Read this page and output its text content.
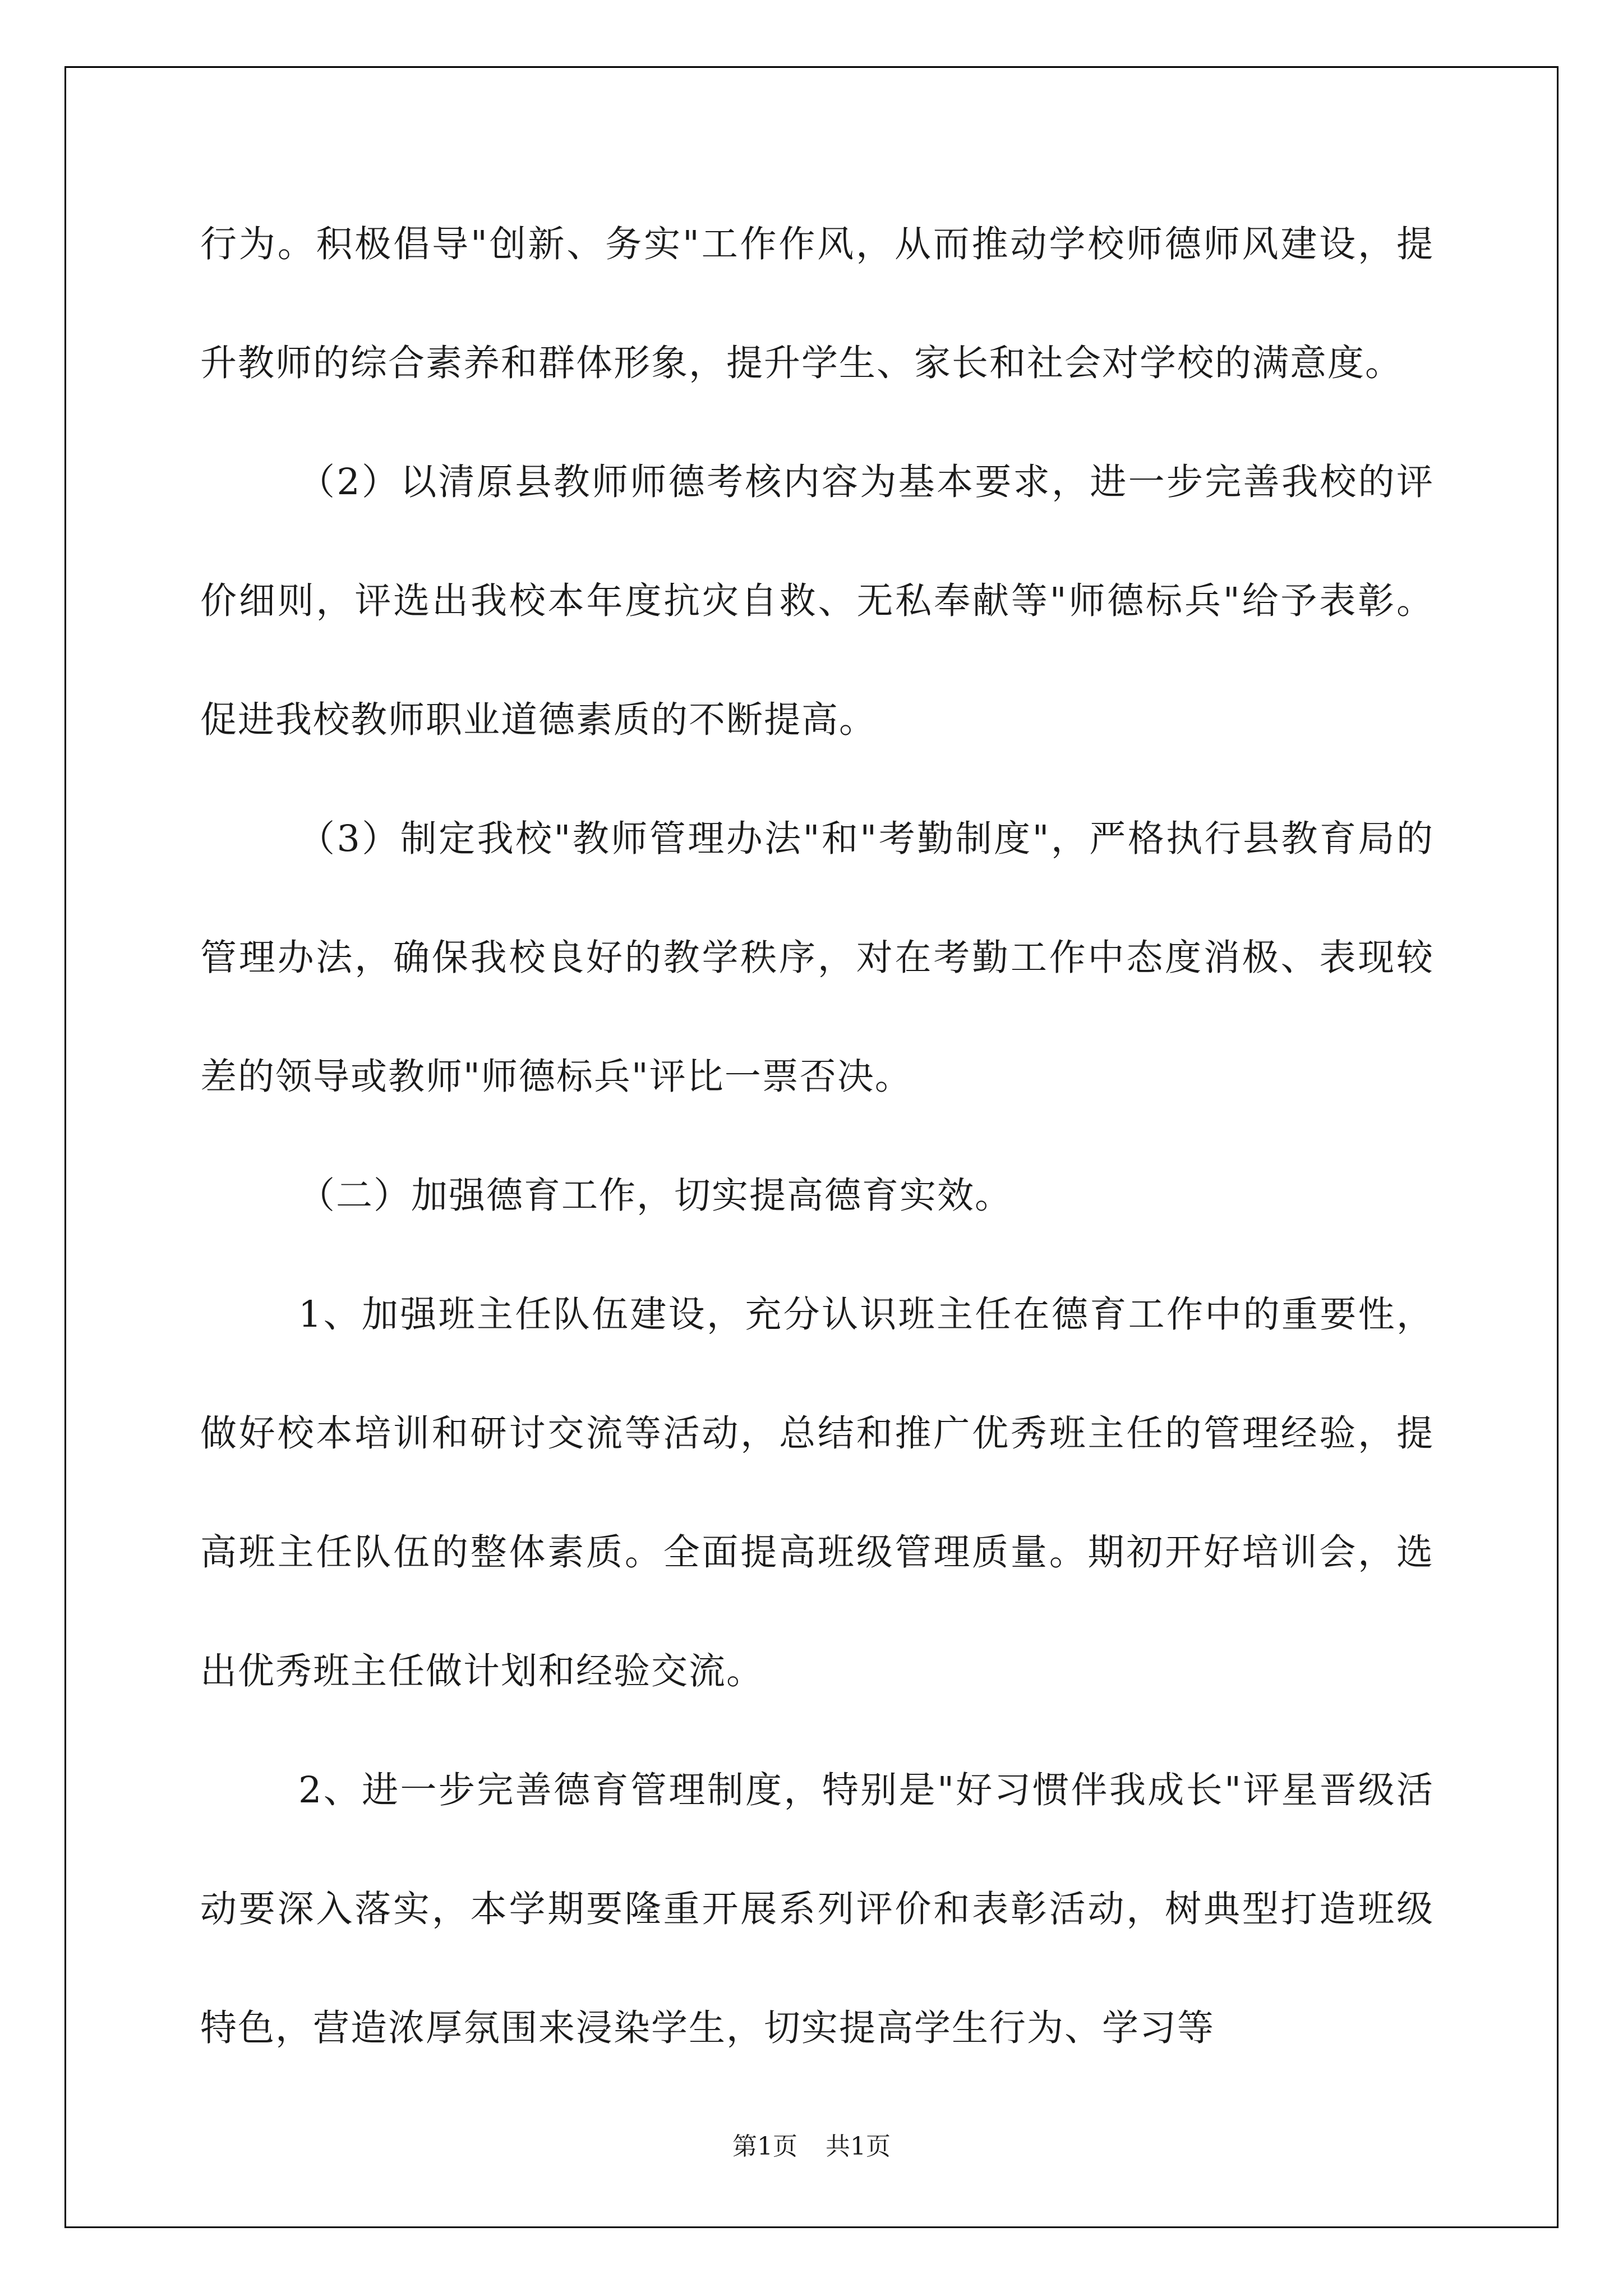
行为。积极倡导"创新、务实"工作作风，从而推动学校师德师风建设，提升教师的综合素养和群体形象，提升学生、家长和社会对学校的满意度。

（2）以清原县教师师德考核内容为基本要求，进一步完善我校的评价细则，评选出我校本年度抗灾自救、无私奉献等"师德标兵"给予表彰。促进我校教师职业道德素质的不断提高。

（3）制定我校"教师管理办法"和"考勤制度"，严格执行县教育局的管理办法，确保我校良好的教学秩序，对在考勤工作中态度消极、表现较差的领导或教师"师德标兵"评比一票否决。

（二）加强德育工作，切实提高德育实效。

1、加强班主任队伍建设，充分认识班主任在德育工作中的重要性，做好校本培训和研讨交流等活动，总结和推广优秀班主任的管理经验，提高班主任队伍的整体素质。全面提高班级管理质量。期初开好培训会，选出优秀班主任做计划和经验交流。

2、进一步完善德育管理制度，特别是"好习惯伴我成长"评星晋级活动要深入落实，本学期要隆重开展系列评价和表彰活动，树典型打造班级特色，营造浓厚氛围来浸染学生，切实提高学生行为、学习等

第1页 共1页
